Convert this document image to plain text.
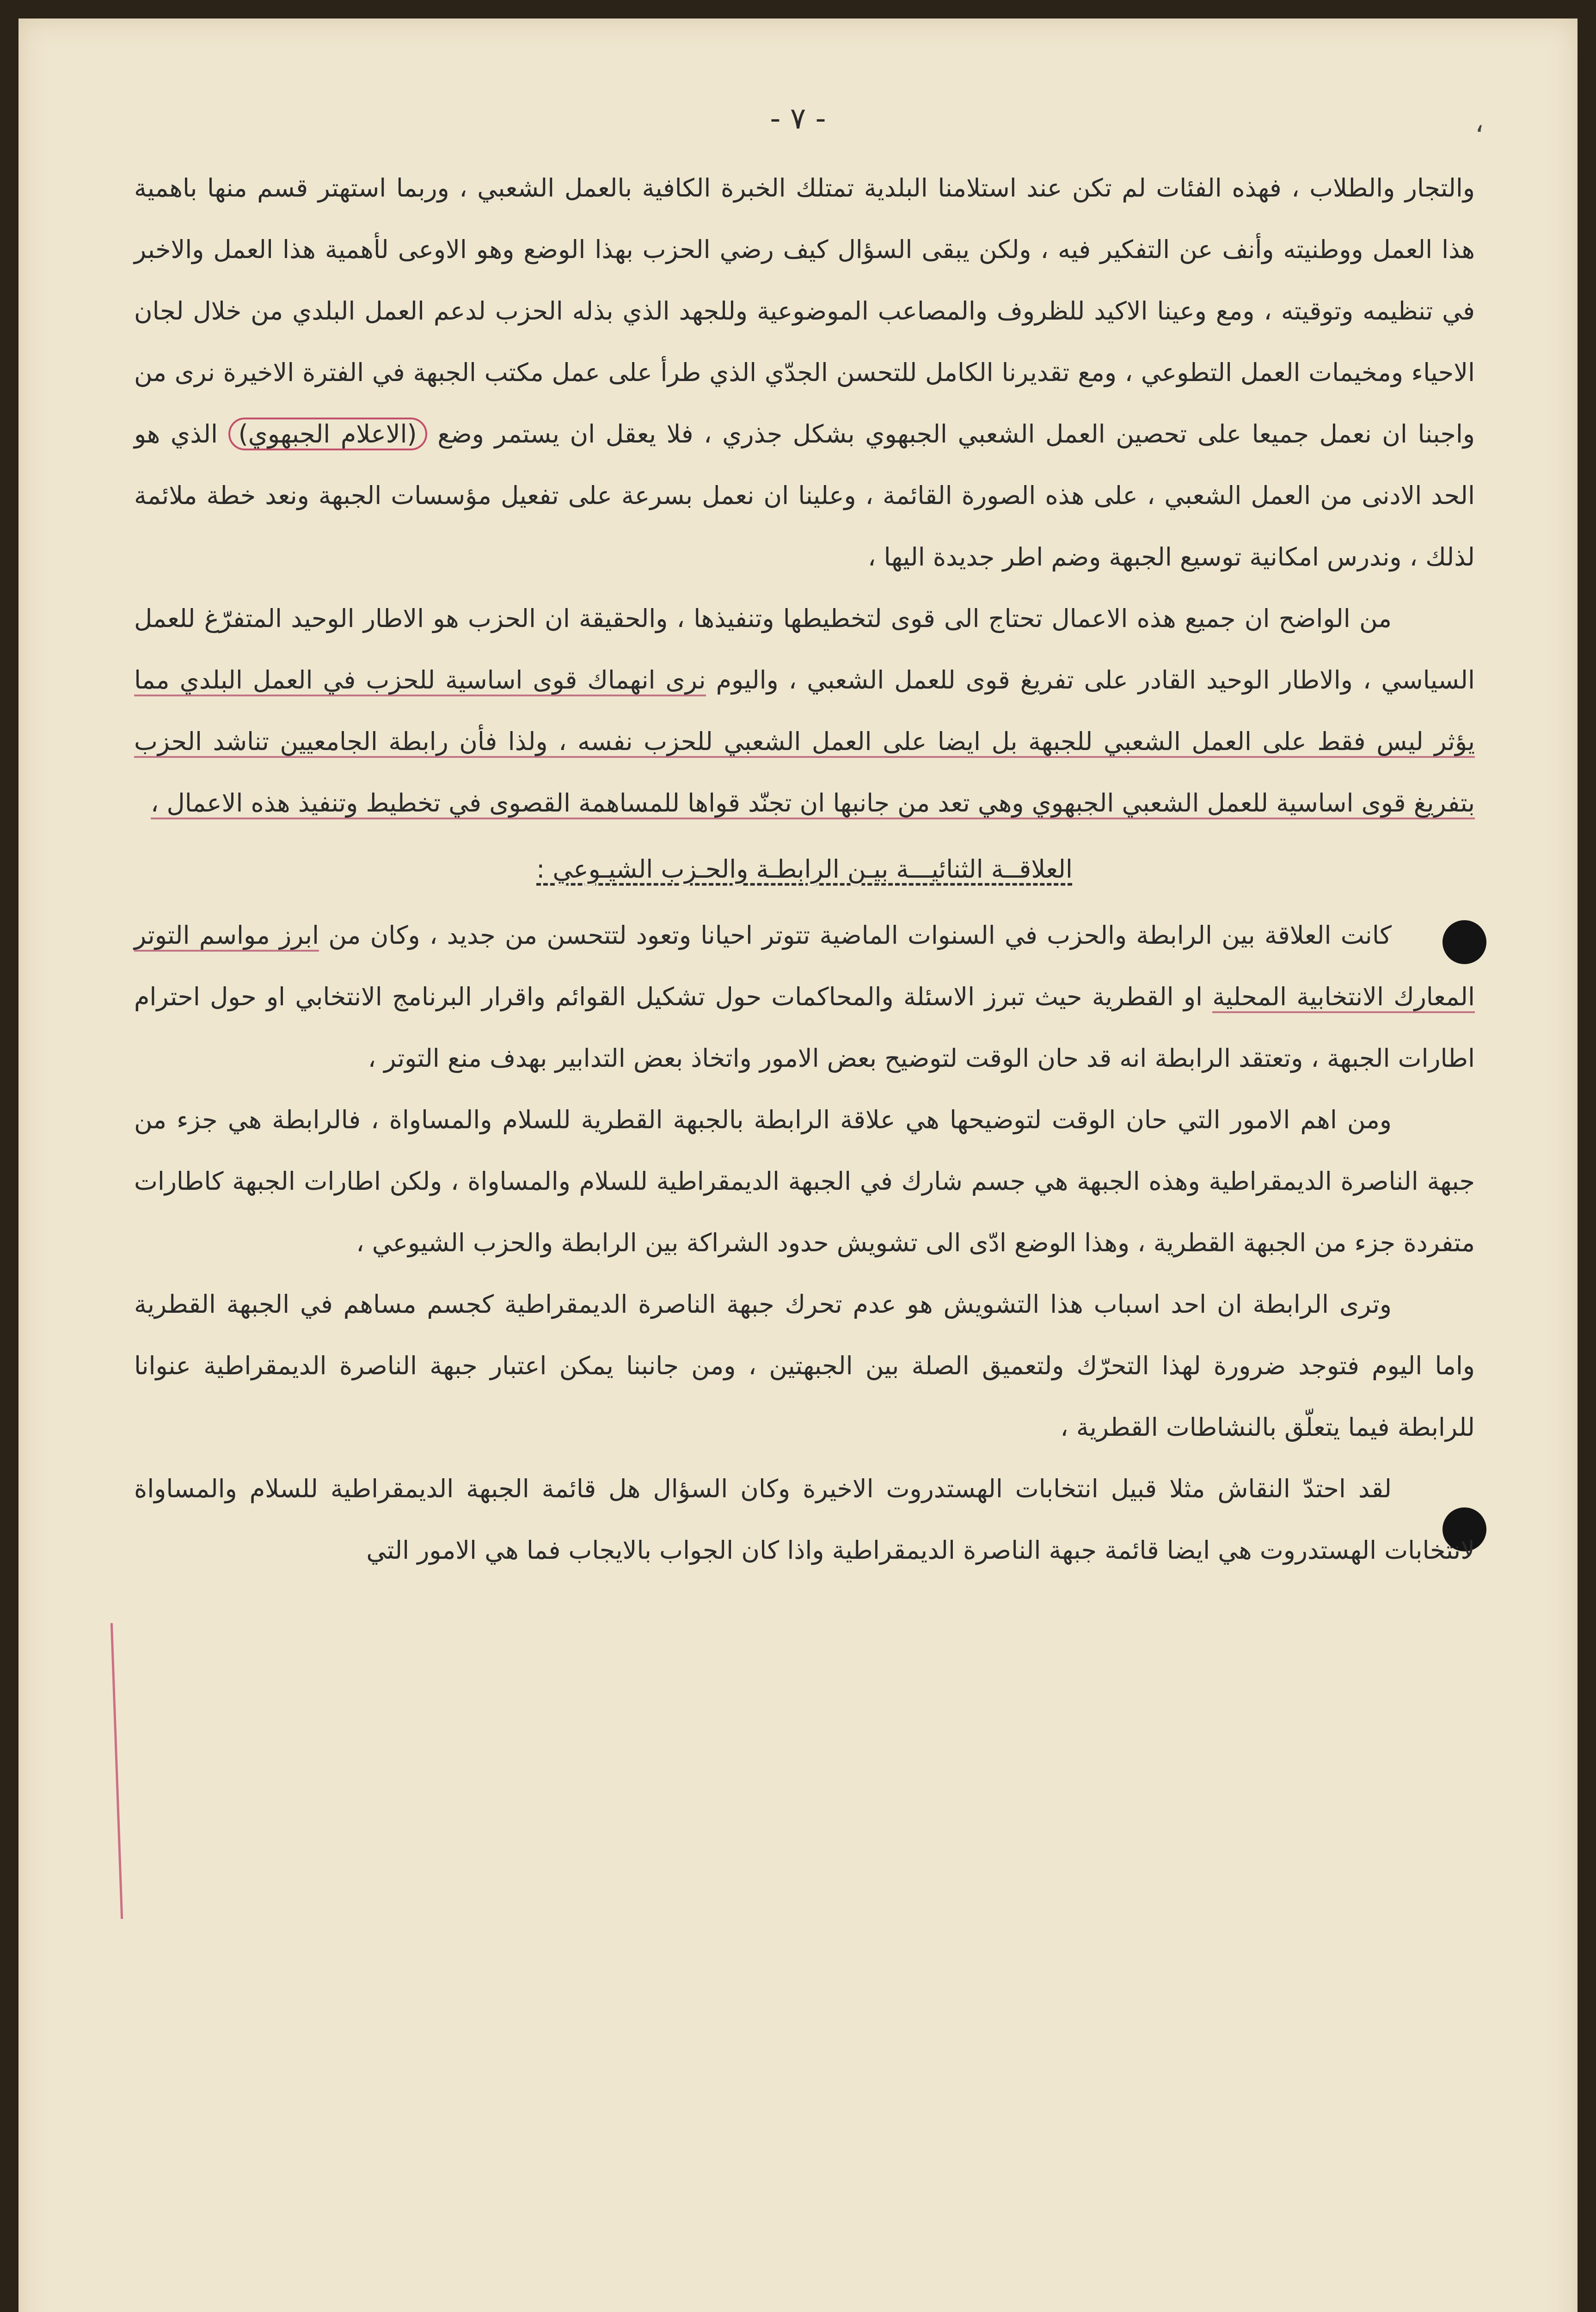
- ٧ -	،

والتجار والطلاب ، فهذه الفئات لم تكن عند استلامنا البلدية تمتلك الخبرة الكافية بالعمل الشعبي ، وربما استهتر قسم منها باهمية هذا العمل ووطنيته وأنف عن التفكير فيه ، ولكن يبقى السؤال كيف رضي الحزب بهذا الوضع وهو الاوعى لأهمية هذا العمل والاخبر في تنظيمه وتوقيته ، ومع وعينا الاكيد للظروف والمصاعب الموضوعية وللجهد الذي بذله الحزب لدعم العمل البلدي من خلال لجان الاحياء ومخيمات العمل التطوعي ، ومع تقديرنا الكامل للتحسن الجدّي الذي طرأ على عمل مكتب الجبهة في الفترة الاخيرة نرى من واجبنا ان نعمل جميعا على تحصين العمل الشعبي الجبهوي بشكل جذري ، فلا يعقل ان يستمر وضع (الاعلام الجبهوي) الذي هو الحد الادنى من العمل الشعبي ، على هذه الصورة القائمة ، وعلينا ان نعمل بسرعة على تفعيل مؤسسات الجبهة ونعد خطة ملائمة لذلك ، وندرس امكانية توسيع الجبهة وضم اطر جديدة اليها ،

من الواضح ان جميع هذه الاعمال تحتاج الى قوى لتخطيطها وتنفيذها ، والحقيقة ان الحزب هو الاطار الوحيد المتفرّغ للعمل السياسي ، والاطار الوحيد القادر على تفريغ قوى للعمل الشعبي ، واليوم نرى انهماك قوى اساسية للحزب في العمل البلدي مما يؤثر ليس فقط على العمل الشعبي للجبهة بل ايضا على العمل الشعبي للحزب نفسه ، ولذا فأن رابطة الجامعيين تناشد الحزب بتفريغ قوى اساسية للعمل الشعبي الجبهوي وهي تعد من جانبها ان تجنّد قواها للمساهمة القصوى في تخطيط وتنفيذ هذه الاعمال ،

العلاقــة الثنائيـــة بيـن الرابطـة والحـزب الشيـوعي :

كانت العلاقة بين الرابطة والحزب في السنوات الماضية تتوتر احيانا وتعود لتتحسن من جديد ، وكان من ابرز مواسم التوتر المعارك الانتخابية المحلية او القطرية حيث تبرز الاسئلة والمحاكمات حول تشكيل القوائم واقرار البرنامج الانتخابي او حول احترام اطارات الجبهة ، وتعتقد الرابطة انه قد حان الوقت لتوضيح بعض الامور واتخاذ بعض التدابير بهدف منع التوتر ،

ومن اهم الامور التي حان الوقت لتوضيحها هي علاقة الرابطة بالجبهة القطرية للسلام والمساواة ، فالرابطة هي جزء من جبهة الناصرة الديمقراطية وهذه الجبهة هي جسم شارك في الجبهة الديمقراطية للسلام والمساواة ، ولكن اطارات الجبهة كاطارات متفردة جزء من الجبهة القطرية ، وهذا الوضع ادّى الى تشويش حدود الشراكة بين الرابطة والحزب الشيوعي ،

وترى الرابطة ان احد اسباب هذا التشويش هو عدم تحرك جبهة الناصرة الديمقراطية كجسم مساهم في الجبهة القطرية واما اليوم فتوجد ضرورة لهذا التحرّك ولتعميق الصلة بين الجبهتين ، ومن جانبنا يمكن اعتبار جبهة الناصرة الديمقراطية عنوانا للرابطة فيما يتعلّق بالنشاطات القطرية ،

لقد احتدّ النقاش مثلا قبيل انتخابات الهستدروت الاخيرة وكان السؤال هل قائمة الجبهة الديمقراطية للسلام والمساواة لانتخابات الهستدروت هي ايضا قائمة جبهة الناصرة الديمقراطية واذا كان الجواب بالايجاب فما هي الامور التي
